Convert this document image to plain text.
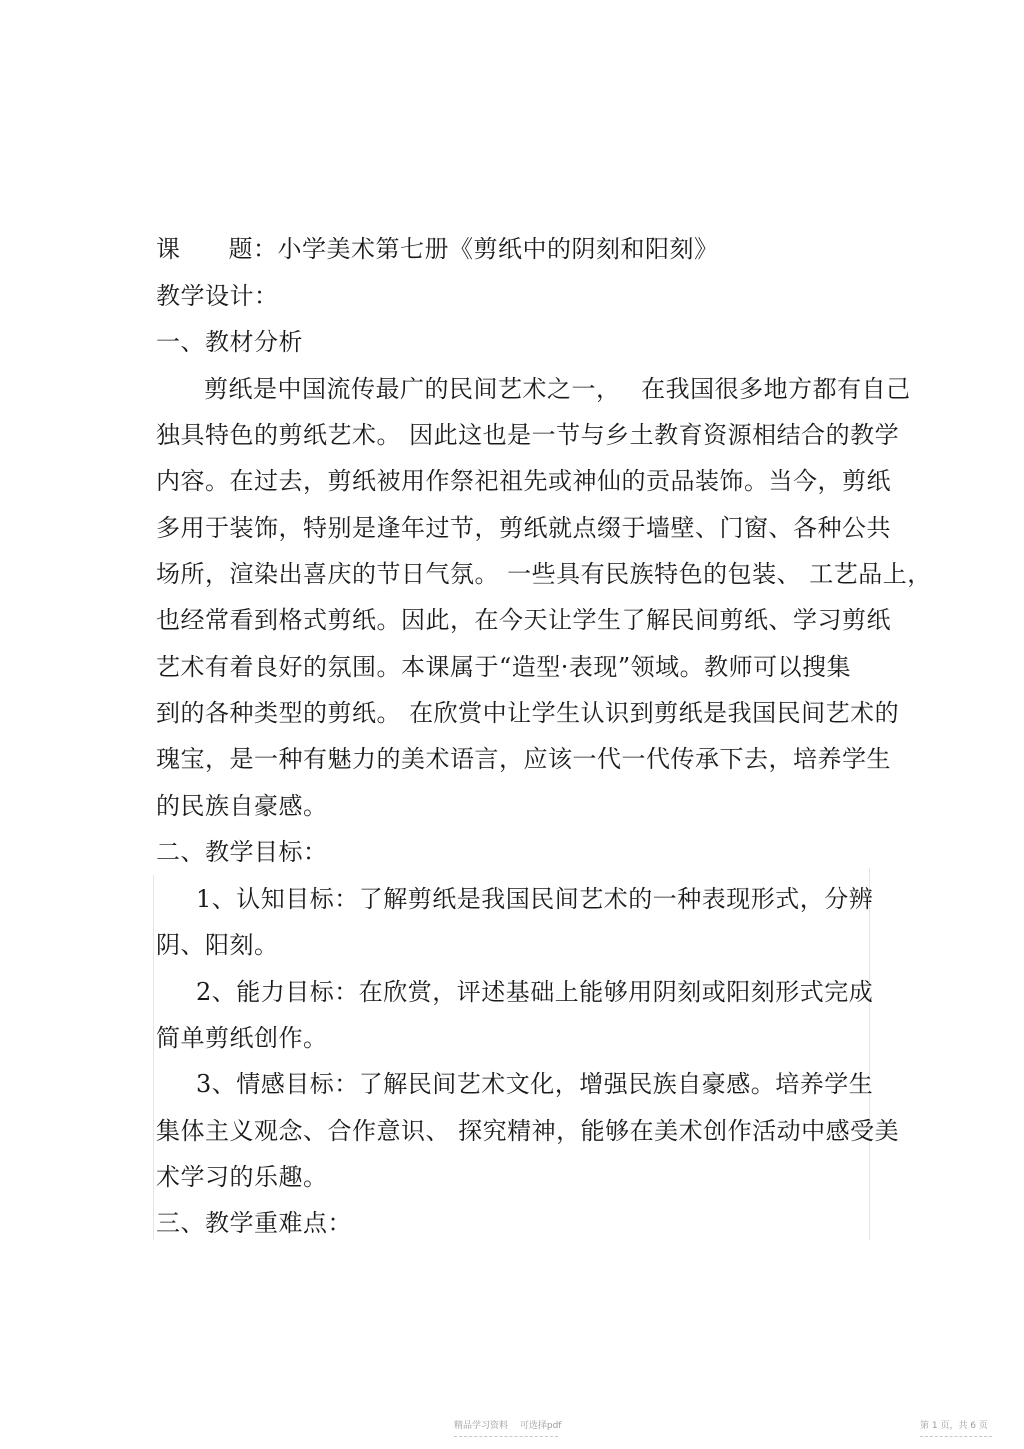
课 题：小学美术第七册《剪纸中的阴刻和阳刻》
教学设计：
一、教材分析
剪纸是中国流传最广的民间艺术之一，　 在我国很多地方都有自己
独具特色的剪纸艺术。 因此这也是一节与乡土教育资源相结合的教学
内容。在过去，剪纸被用作祭祀祖先或神仙的贡品装饰。当今，剪纸
多用于装饰，特别是逢年过节，剪纸就点缀于墙壁、门窗、各种公共
场所，渲染出喜庆的节日气氛。 一些具有民族特色的包装、 工艺品上，
也经常看到格式剪纸。因此，在今天让学生了解民间剪纸、学习剪纸
艺术有着良好的氛围。本课属于“造型·表现”领域。教师可以搜集
到的各种类型的剪纸。 在欣赏中让学生认识到剪纸是我国民间艺术的
瑰宝，是一种有魅力的美术语言，应该一代一代传承下去，培养学生
的民族自豪感。
二、教学目标：
1、认知目标：了解剪纸是我国民间艺术的一种表现形式，分辨
阴、阳刻。
2、能力目标：在欣赏，评述基础上能够用阴刻或阳刻形式完成
简单剪纸创作。
3、情感目标：了解民间艺术文化，增强民族自豪感。培养学生
集体主义观念、合作意识、 探究精神，能够在美术创作活动中感受美
术学习的乐趣。
三、教学重难点：
精品学习资料　 可选择pdf	第 1 页，共 6 页
